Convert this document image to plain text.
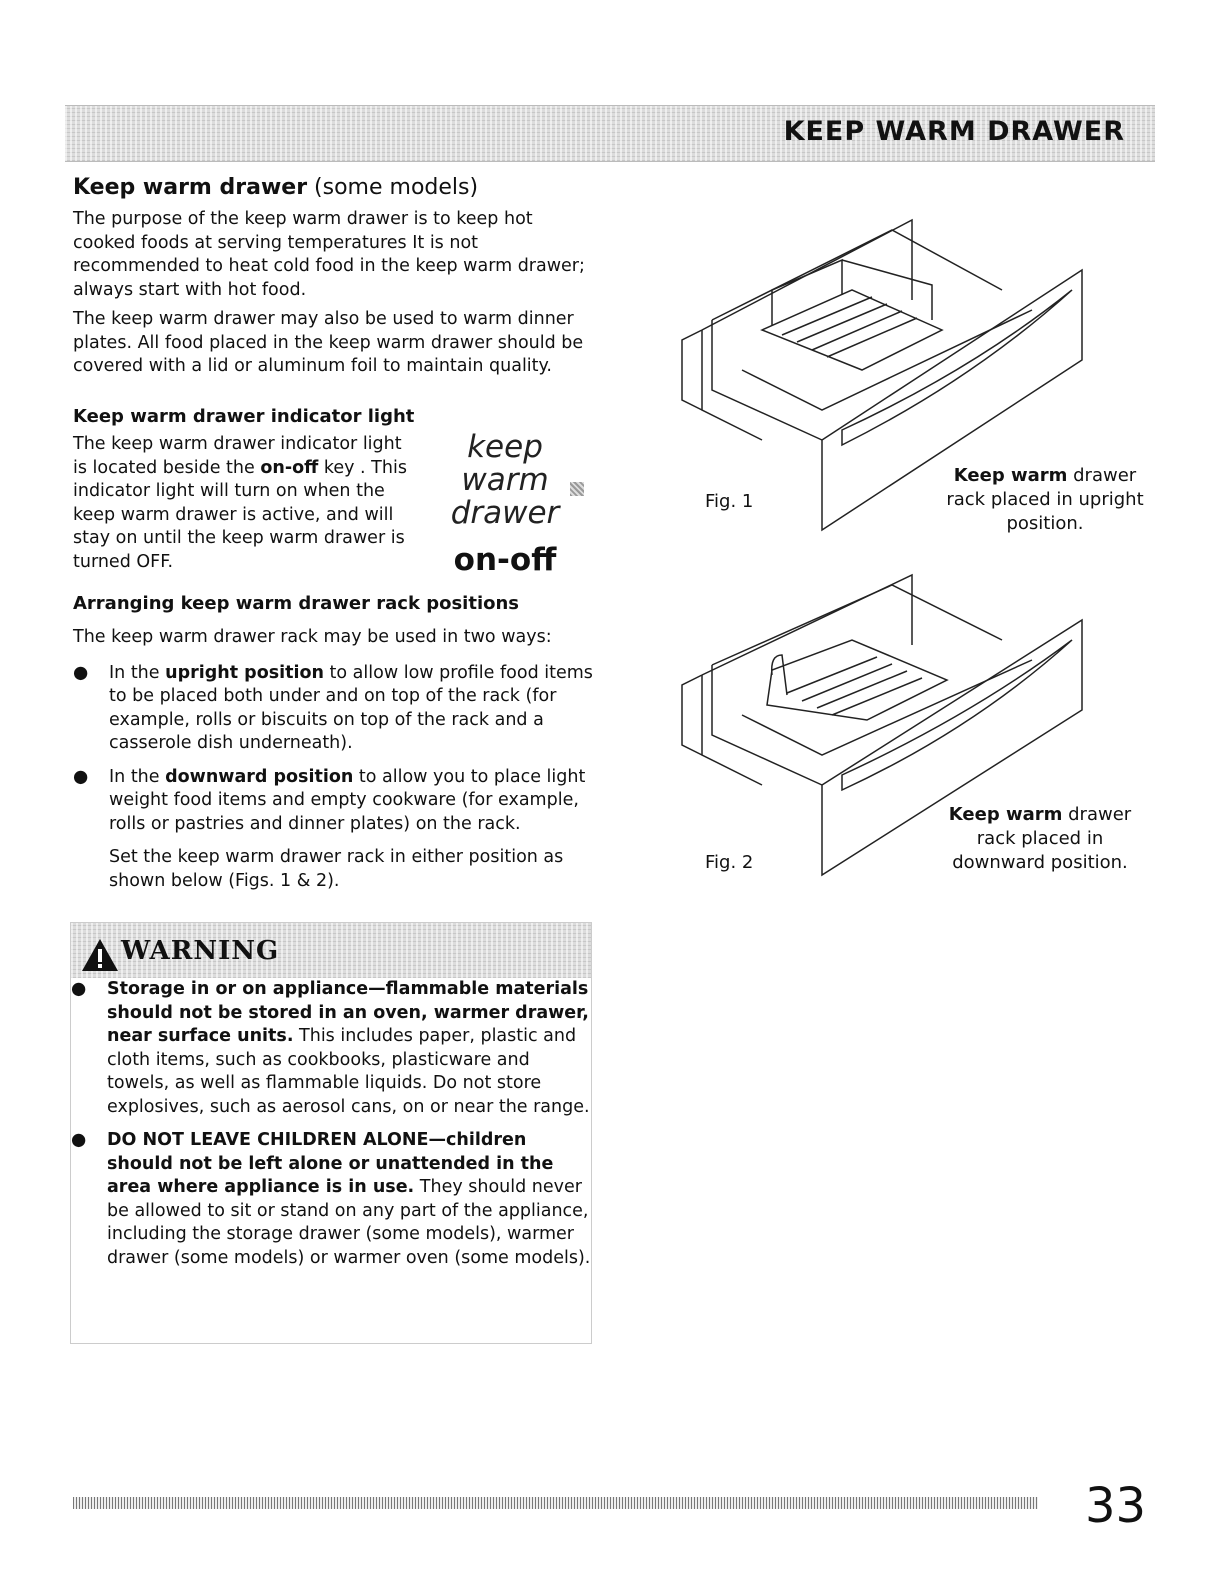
KEEP WARM DRAWER
Keep warm drawer (some models)

The purpose of the keep warm drawer is to keep hot cooked foods at serving temperatures It is not recommended to heat cold food in the keep warm drawer; always start with hot food.

The keep warm drawer may also be used to warm dinner plates. All food placed in the keep warm drawer should be covered with a lid or aluminum foil to maintain quality.

Keep warm drawer indicator light
The keep warm drawer indicator light is located beside the on-off key . This indicator light will turn on when the keep warm drawer is active, and will stay on until the keep warm drawer is turned OFF.
keep warm
drawer
on-off
Arranging keep warm drawer rack positions

The keep warm drawer rack may be used in two ways:

● In the upright position to allow low profile food items to be placed both under and on top of the rack (for example, rolls or biscuits on top of the rack and a casserole dish underneath).
● In the downward position to allow you to place light weight food items and empty cookware (for example, rolls or pastries and dinner plates) on the rack.

Set the keep warm drawer rack in either position as shown below (Figs. 1 & 2).

WARNING
● Storage in or on appliance—flammable materials should not be stored in an oven, warmer drawer, near surface units. This includes paper, plastic and cloth items, such as cookbooks, plasticware and towels, as well as flammable liquids. Do not store explosives, such as aerosol cans, on or near the range.
● DO NOT LEAVE CHILDREN ALONE—children should not be left alone or unattended in the area where appliance is in use. They should never be allowed to sit or stand on any part of the appliance, including the storage drawer (some models), warmer drawer (some models) or warmer oven (some models).
Fig. 1
Keep warm drawer
rack placed in upright
position.
Fig. 2
Keep warm drawer
rack placed in
downward position.
33
